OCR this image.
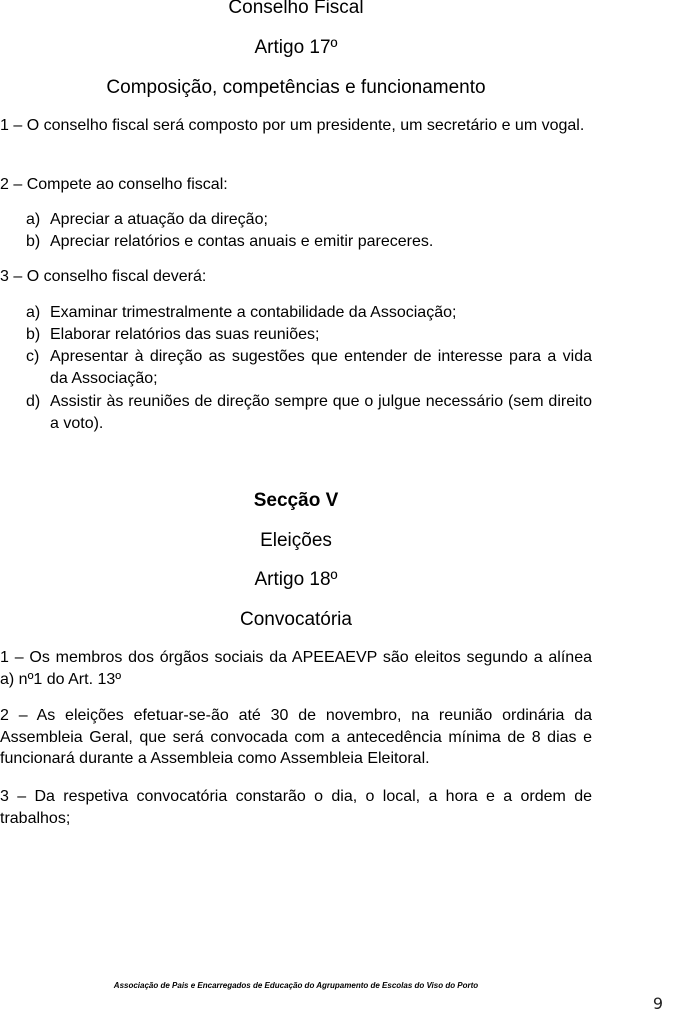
Conselho Fiscal
Artigo 17º
Composição, competências e funcionamento
1 – O conselho fiscal será composto por um presidente, um secretário e um vogal.
2 – Compete ao conselho fiscal:
a) Apreciar a atuação da direção;
b) Apreciar relatórios e contas anuais e emitir pareceres.
3 – O conselho fiscal deverá:
a) Examinar trimestralmente a contabilidade da Associação;
b) Elaborar relatórios das suas reuniões;
c) Apresentar à direção as sugestões que entender de interesse para a vida da Associação;
d) Assistir às reuniões de direção sempre que o julgue necessário (sem direito a voto).
Secção V
Eleições
Artigo 18º
Convocatória
1 – Os membros dos órgãos sociais da APEEAEVP são eleitos segundo a alínea a) nº1 do Art. 13º
2 – As eleições efetuar-se-ão até 30 de novembro, na reunião ordinária da Assembleia Geral, que será convocada com a antecedência mínima de 8 dias e funcionará durante a Assembleia como Assembleia Eleitoral.
3 – Da respetiva convocatória constarão o dia, o local, a hora e a ordem de trabalhos;
Associação de Pais e Encarregados de Educação do Agrupamento de Escolas do Viso do Porto
9
